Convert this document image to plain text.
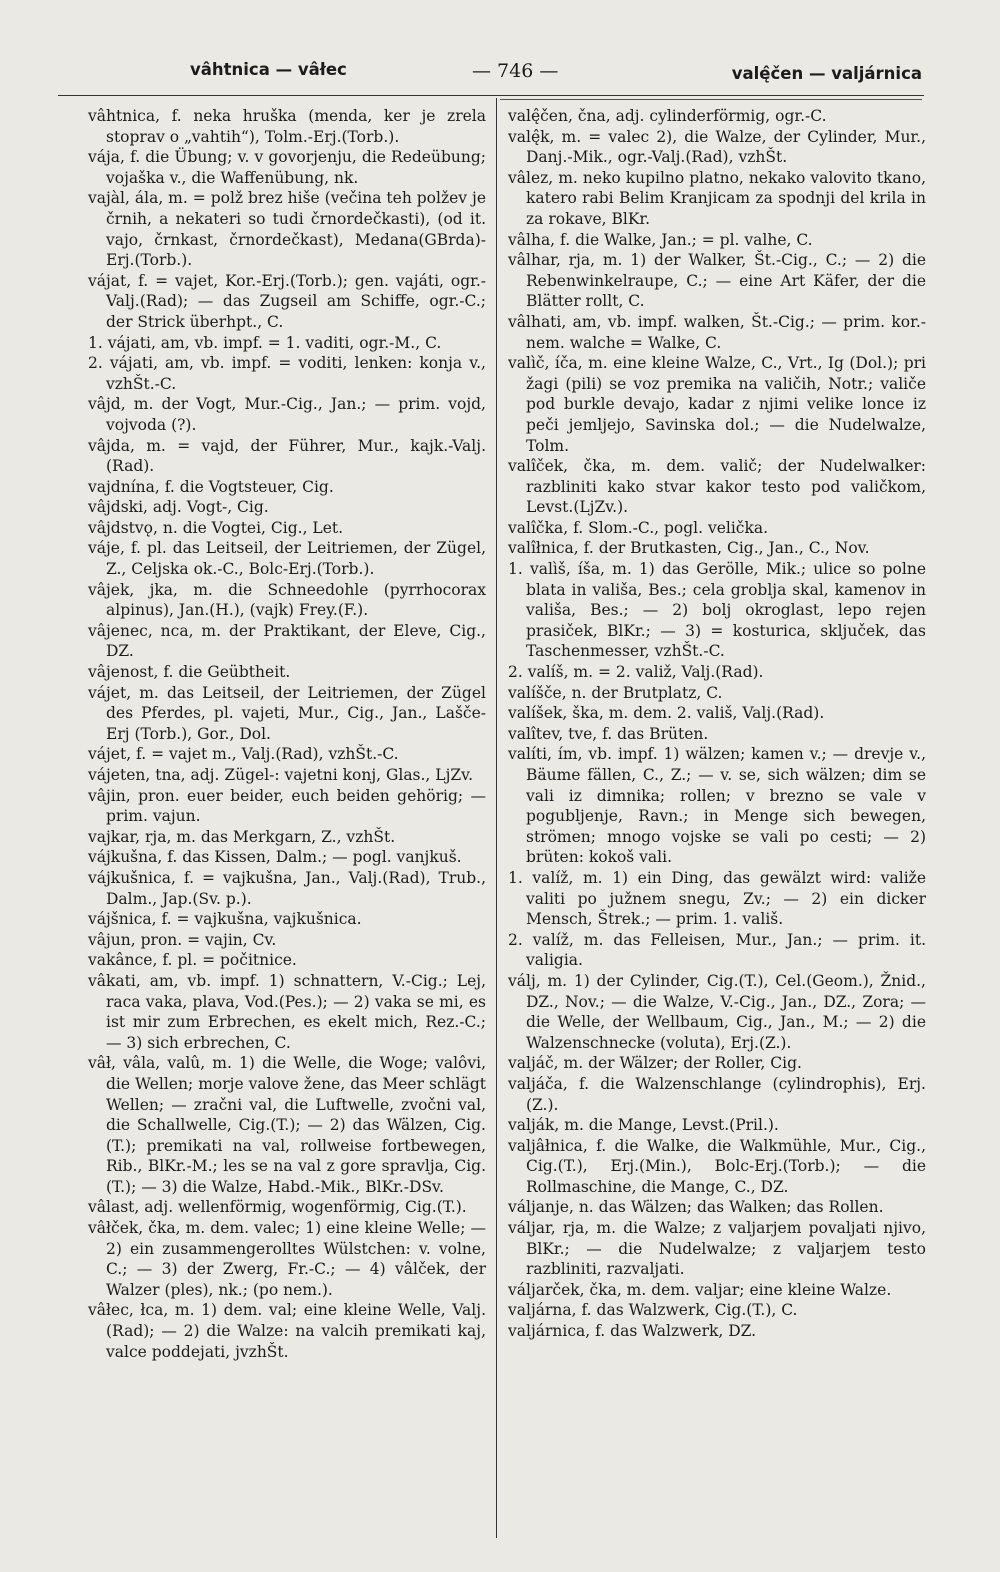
vâhtnica — vâłec	— 746 —	valę̂čen — valjárnica

vâhtnica, f. neka hruška (menda, ker je zrela stoprav o „vahtih“), Tolm.-Erj.(Torb.).

vája, f. die Übung; v. v govorjenju, die Redeübung; vojaška v., die Waffenübung, nk.

vajàl, ála, m. = polž brez hiše (večina teh polžev je črnih, a nekateri so tudi črnordečkasti), (od it. vajo, črnkast, črnordečkast), Medana(GBrda)-Erj.(Torb.).

vájat, f. = vajet, Kor.-Erj.(Torb.); gen. vajáti, ogr.-Valj.(Rad); — das Zugseil am Schiffe, ogr.-C.; der Strick überhpt., C.

1. vájati, am, vb. impf. = 1. vaditi, ogr.-M., C.

2. vájati, am, vb. impf. = voditi, lenken: konja v., vzhŠt.-C.

vâjd, m. der Vogt, Mur.-Cig., Jan.; — prim. vojd, vojvoda (?).

vâjda, m. = vajd, der Führer, Mur., kajk.-Valj.(Rad).

vajdnína, f. die Vogtsteuer, Cig.

vâjdski, adj. Vogt-, Cig.

vâjdstvǫ, n. die Vogtei, Cig., Let.

váje, f. pl. das Leitseil, der Leitriemen, der Zügel, Z., Celjska ok.-C., Bolc-Erj.(Torb.).

vâjek, jka, m. die Schneedohle (pyrrhocorax alpinus), Jan.(H.), (vajk) Frey.(F.).

vâjenec, nca, m. der Praktikant, der Eleve, Cig., DZ.

vâjenost, f. die Geübtheit.

vájet, m. das Leitseil, der Leitriemen, der Zügel des Pferdes, pl. vajeti, Mur., Cig., Jan., Lašče-Erj (Torb.), Gor., Dol.

vájet, f. = vajet m., Valj.(Rad), vzhŠt.-C.

vájeten, tna, adj. Zügel-: vajetni konj, Glas., LjZv.

vâjin, pron. euer beider, euch beiden gehörig; — prim. vajun.

vajkar, rja, m. das Merkgarn, Z., vzhŠt.

vájkušna, f. das Kissen, Dalm.; — pogl. vanjkuš.

vájkušnica, f. = vajkušna, Jan., Valj.(Rad), Trub., Dalm., Jap.(Sv. p.).

vájšnica, f. = vajkušna, vajkušnica.

vâjun, pron. = vajin, Cv.

vakânce, f. pl. = počitnice.

vâkati, am, vb. impf. 1) schnattern, V.-Cig.; Lej, raca vaka, plava, Vod.(Pes.); — 2) vaka se mi, es ist mir zum Erbrechen, es ekelt mich, Rez.-C.; — 3) sich erbrechen, C.

vâł, vâla, valû, m. 1) die Welle, die Woge; valôvi, die Wellen; morje valove žene, das Meer schlägt Wellen; — zračni val, die Luftwelle, zvočni val, die Schallwelle, Cig.(T.); — 2) das Wälzen, Cig.(T.); premikati na val, rollweise fortbewegen, Rib., BlKr.-M.; les se na val z gore spravlja, Cig.(T.); — 3) die Walze, Habd.-Mik., BlKr.-DSv.

vâlast, adj. wellenförmig, wogenförmig, Cig.(T.).

vâłček, čka, m. dem. valec; 1) eine kleine Welle; — 2) ein zusammengerolltes Wülstchen: v. volne, C.; — 3) der Zwerg, Fr.-C.; — 4) vâlček, der Walzer (ples), nk.; (po nem.).

vâłec, łca, m. 1) dem. val; eine kleine Welle, Valj.(Rad); — 2) die Walze: na valcih premikati kaj, valce poddejati, jvzhŠt.

valę̂čen, čna, adj. cylinderförmig, ogr.-C.

valę̂k, m. = valec 2), die Walze, der Cylinder, Mur., Danj.-Mik., ogr.-Valj.(Rad), vzhŠt.

vâlez, m. neko kupilno platno, nekako valovito tkano, katero rabi Belim Kranjicam za spodnji del krila in za rokave, BlKr.

vâlha, f. die Walke, Jan.; = pl. valhe, C.

vâlhar, rja, m. 1) der Walker, Št.-Cig., C.; — 2) die Rebenwinkelraupe, C.; — eine Art Käfer, der die Blätter rollt, C.

vâlhati, am, vb. impf. walken, Št.-Cig.; — prim. kor.-nem. walche = Walke, C.

valìč, íča, m. eine kleine Walze, C., Vrt., Ig (Dol.); pri žagi (pili) se voz premika na valičih, Notr.; valiče pod burkle devajo, kadar z njimi velike lonce iz peči jemljejo, Savinska dol.; — die Nudelwalze, Tolm.

valîček, čka, m. dem. valič; der Nudelwalker: razbliniti kako stvar kakor testo pod valičkom, Levst.(LjZv.).

valîčka, f. Slom.-C., pogl. velička.

valîłnica, f. der Brutkasten, Cig., Jan., C., Nov.

1. valìš, íša, m. 1) das Gerölle, Mik.; ulice so polne blata in vališa, Bes.; cela groblja skal, kamenov in vališa, Bes.; — 2) bolj okroglast, lepo rejen prasiček, BlKr.; — 3) = kosturica, sključek, das Taschenmesser, vzhŠt.-C.

2. valíš, m. = 2. valiž, Valj.(Rad).

valíšče, n. der Brutplatz, C.

valíšek, ška, m. dem. 2. vališ, Valj.(Rad).

valîtev, tve, f. das Brüten.

valíti, ím, vb. impf. 1) wälzen; kamen v.; — drevje v., Bäume fällen, C., Z.; — v. se, sich wälzen; dim se vali iz dimnika; rollen; v brezno se vale v pogubljenje, Ravn.; in Menge sich bewegen, strömen; mnogo vojske se vali po cesti; — 2) brüten: kokoš vali.

1. valíž, m. 1) ein Ding, das gewälzt wird: valiže valiti po južnem snegu, Zv.; — 2) ein dicker Mensch, Štrek.; — prim. 1. vališ.

2. valíž, m. das Felleisen, Mur., Jan.; — prim. it. valigia.

válj, m. 1) der Cylinder, Cig.(T.), Cel.(Geom.), Žnid., DZ., Nov.; — die Walze, V.-Cig., Jan., DZ., Zora; — die Welle, der Wellbaum, Cig., Jan., M.; — 2) die Walzenschnecke (voluta), Erj.(Z.).

valjáč, m. der Wälzer; der Roller, Cig.

valjáča, f. die Walzenschlange (cylindrophis), Erj.(Z.).

valják, m. die Mange, Levst.(Pril.).

valjâłnica, f. die Walke, die Walkmühle, Mur., Cig., Cig.(T.), Erj.(Min.), Bolc-Erj.(Torb.); — die Rollmaschine, die Mange, C., DZ.

váljanje, n. das Wälzen; das Walken; das Rollen.

váljar, rja, m. die Walze; z valjarjem povaljati njivo, BlKr.; — die Nudelwalze; z valjarjem testo razbliniti, razvaljati.

váljarček, čka, m. dem. valjar; eine kleine Walze.

valjárna, f. das Walzwerk, Cig.(T.), C.

valjárnica, f. das Walzwerk, DZ.
